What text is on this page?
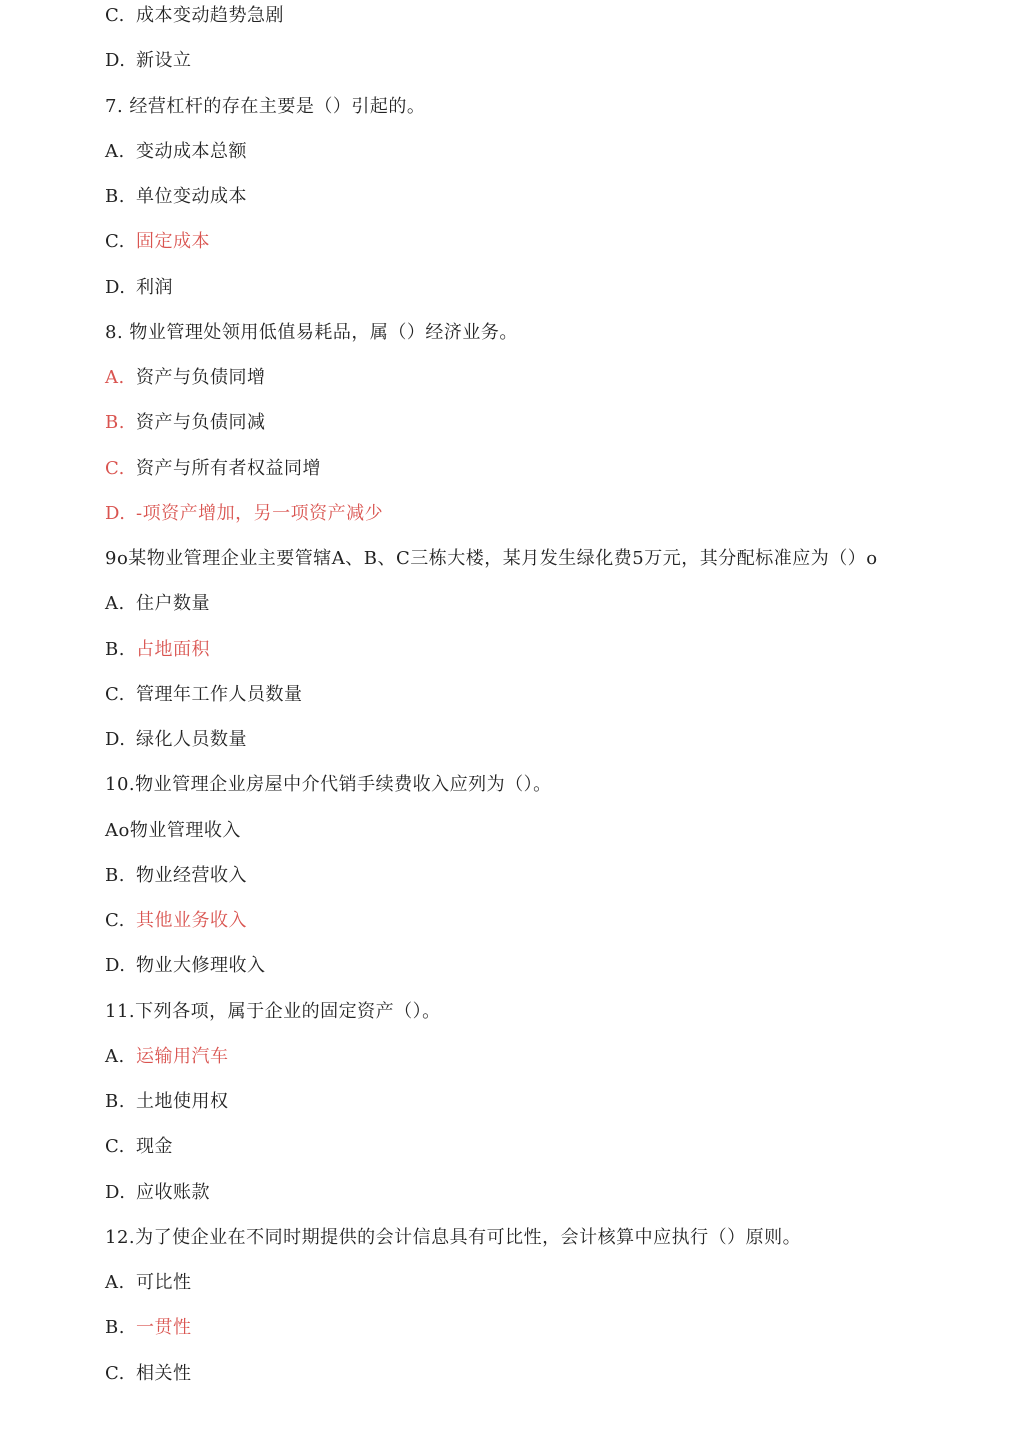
C. 成本变动趋势急剧
D. 新设立
7. 经营杠杆的存在主要是（）引起的。
A. 变动成本总额
B. 单位变动成本
C. 固定成本
D. 利润
8. 物业管理处领用低值易耗品，属（）经济业务。
A. 资产与负债同增
B. 资产与负债同减
C. 资产与所有者权益同增
D. -项资产增加，另一项资产减少
9o某物业管理企业主要管辖A、B、C三栋大楼，某月发生绿化费5万元，其分配标准应为（）o
A. 住户数量
B. 占地面积
C. 管理年工作人员数量
D. 绿化人员数量
10.物业管理企业房屋中介代销手续费收入应列为（）。
Ao物业管理收入
B. 物业经营收入
C. 其他业务收入
D. 物业大修理收入
11.下列各项，属于企业的固定资产（）。
A. 运输用汽车
B. 土地使用权
C. 现金
D. 应收账款
12.为了使企业在不同时期提供的会计信息具有可比性，会计核算中应执行（）原则。
A. 可比性
B. 一贯性
C. 相关性
